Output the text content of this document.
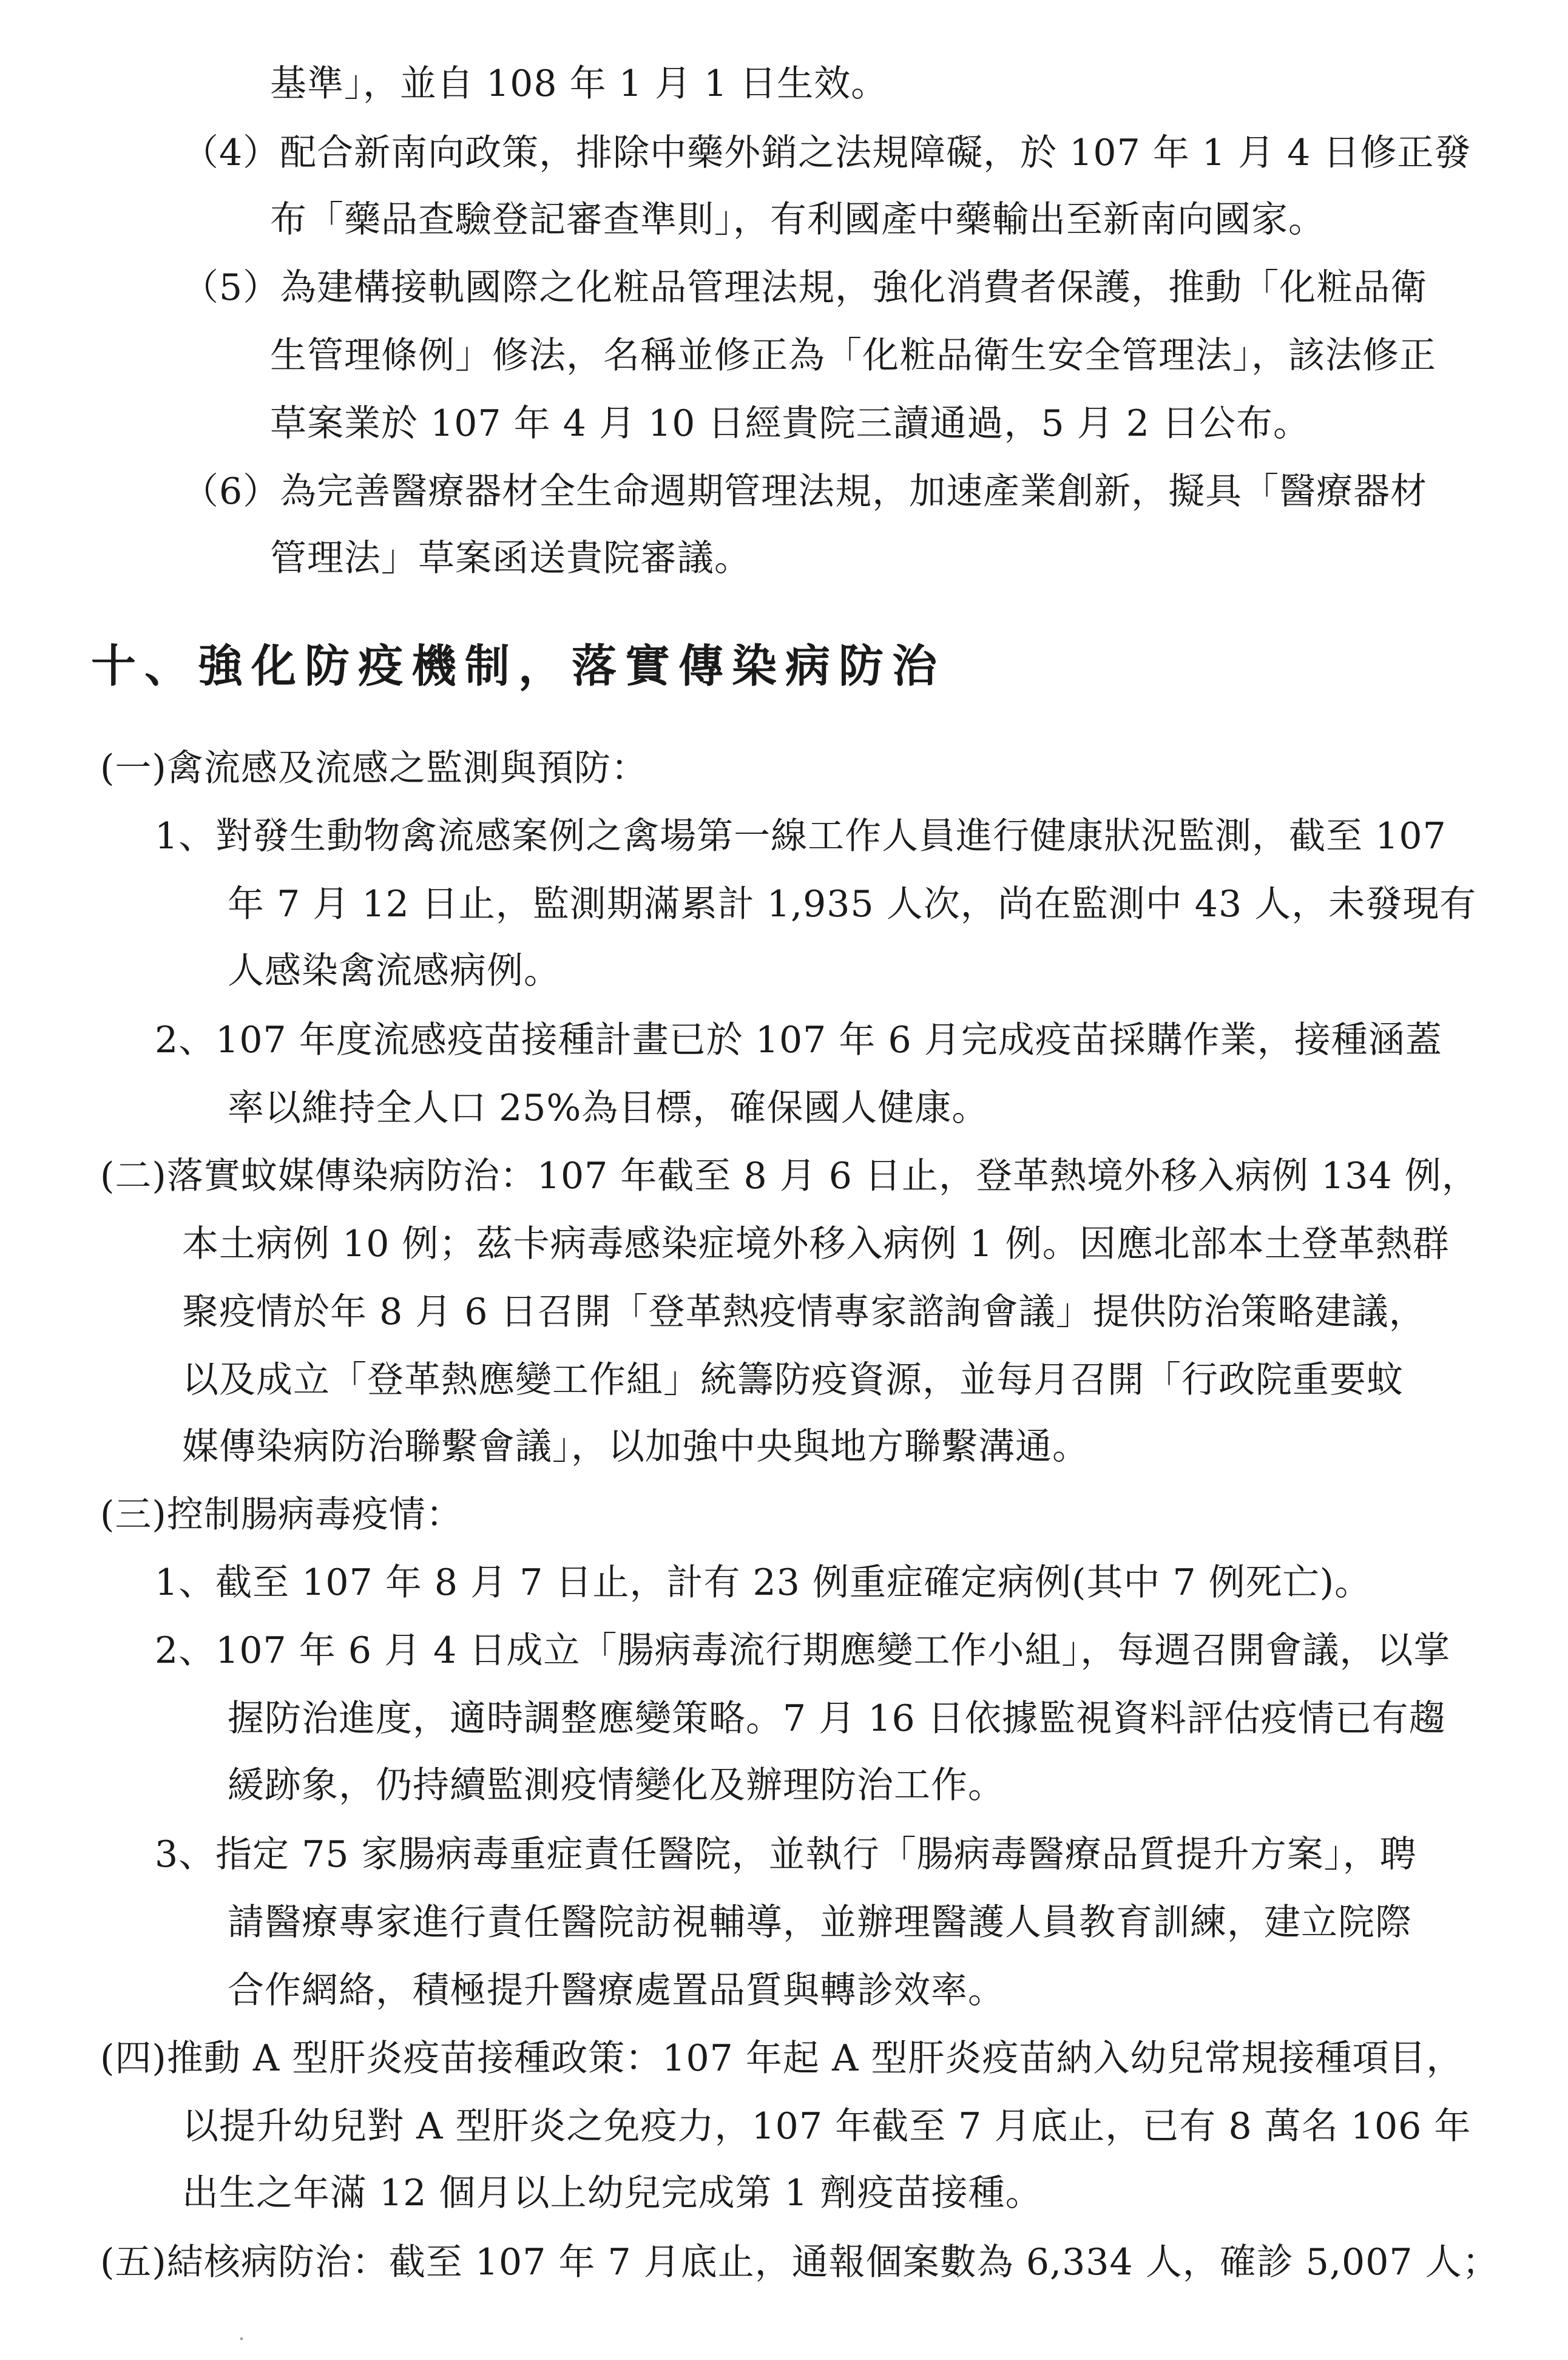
基準」，並自 108 年 1 月 1 日生效。
（4）配合新南向政策，排除中藥外銷之法規障礙，於 107 年 1 月 4 日修正發
布「藥品查驗登記審查準則」，有利國產中藥輸出至新南向國家。
（5）為建構接軌國際之化粧品管理法規，強化消費者保護，推動「化粧品衛
生管理條例」修法，名稱並修正為「化粧品衛生安全管理法」，該法修正
草案業於 107 年 4 月 10 日經貴院三讀通過，5 月 2 日公布。
（6）為完善醫療器材全生命週期管理法規，加速產業創新，擬具「醫療器材
管理法」草案函送貴院審議。
十、強化防疫機制，落實傳染病防治
(一)禽流感及流感之監測與預防：
1、對發生動物禽流感案例之禽場第一線工作人員進行健康狀況監測，截至 107
年 7 月 12 日止，監測期滿累計 1,935 人次，尚在監測中 43 人，未發現有
人感染禽流感病例。
2、107 年度流感疫苗接種計畫已於 107 年 6 月完成疫苗採購作業，接種涵蓋
率以維持全人口 25%為目標，確保國人健康。
(二)落實蚊媒傳染病防治：107 年截至 8 月 6 日止，登革熱境外移入病例 134 例，
本土病例 10 例；茲卡病毒感染症境外移入病例 1 例。因應北部本土登革熱群
聚疫情於年 8 月 6 日召開「登革熱疫情專家諮詢會議」提供防治策略建議，
以及成立「登革熱應變工作組」統籌防疫資源，並每月召開「行政院重要蚊
媒傳染病防治聯繫會議」，以加強中央與地方聯繫溝通。
(三)控制腸病毒疫情：
1、截至 107 年 8 月 7 日止，計有 23 例重症確定病例(其中 7 例死亡)。
2、107 年 6 月 4 日成立「腸病毒流行期應變工作小組」，每週召開會議，以掌
握防治進度，適時調整應變策略。7 月 16 日依據監視資料評估疫情已有趨
緩跡象，仍持續監測疫情變化及辦理防治工作。
3、指定 75 家腸病毒重症責任醫院，並執行「腸病毒醫療品質提升方案」，聘
請醫療專家進行責任醫院訪視輔導，並辦理醫護人員教育訓練，建立院際
合作網絡，積極提升醫療處置品質與轉診效率。
(四)推動 A 型肝炎疫苗接種政策：107 年起 A 型肝炎疫苗納入幼兒常規接種項目，
以提升幼兒對 A 型肝炎之免疫力，107 年截至 7 月底止，已有 8 萬名 106 年
出生之年滿 12 個月以上幼兒完成第 1 劑疫苗接種。
(五)結核病防治：截至 107 年 7 月底止，通報個案數為 6,334 人，確診 5,007 人；
